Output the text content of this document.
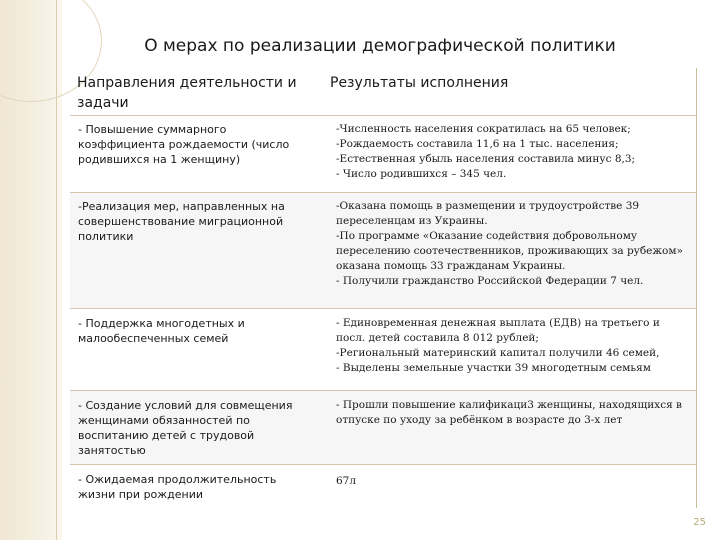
О мерах по реализации демографической политики
Направления деятельности и задачи
Результаты исполнения
- Повышение суммарного коэффициента рождаемости (число родившихся на 1 женщину)
-Численность населения сократилась на 65 человек;
-Рождаемость составила 11,6 на 1 тыс. населения;
-Естественная убыль населения составила минус 8,3;
- Число родившихся – 345 чел.
-Реализация мер, направленных на совершенствование миграционной политики
-Оказана помощь в размещении и трудоустройстве 39 переселенцам из Украины.
-По программе «Оказание содействия добровольному переселению соотечественников, проживающих за рубежом» оказана помощь 33 гражданам Украины.
- Получили гражданство Российской Федерации 7 чел.
- Поддержка многодетных и малообеспеченных семей
- Единовременная денежная выплата (ЕДВ) на третьего и посл. детей составила 8 012 рублей;
-Региональный материнский капитал получили 46 семей,
- Выделены земельные участки 39 многодетным семьям
- Создание условий для совмещения женщинами обязанностей по воспитанию детей с трудовой занятостью
- Прошли повышение калификаци3 женщины, находящихся в отпуске по уходу за ребёнком в возрасте до 3-х лет
- Ожидаемая продолжительность жизни при рождении
67л
25
